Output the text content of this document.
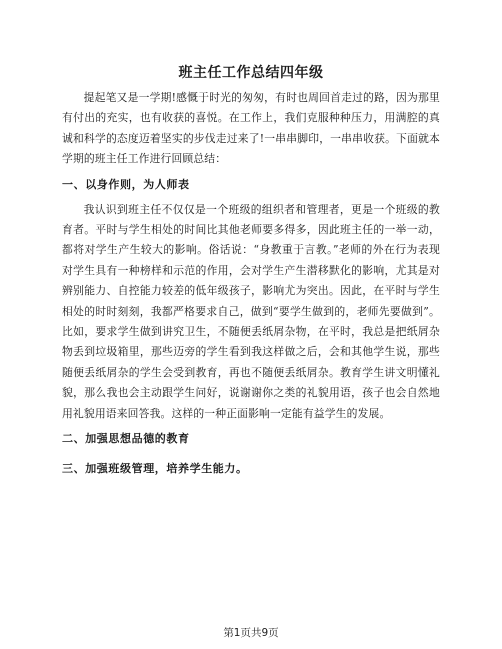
班主任工作总结四年级

提起笔又是一学期!感慨于时光的匆匆，有时也周回首走过的路，因为那里有付出的充实，也有收获的喜悦。在工作上，我们克服种种压力，用满腔的真诚和科学的态度迈着坚实的步伐走过来了!一串串脚印，一串串收获。下面就本学期的班主任工作进行回顾总结：

一、以身作则，为人师表

我认识到班主任不仅仅是一个班级的组织者和管理者，更是一个班级的教育者。平时与学生相处的时间比其他老师要多得多，因此班主任的一举一动，都将对学生产生较大的影响。俗话说：“身教重于言教。”老师的外在行为表现对学生具有一种榜样和示范的作用，会对学生产生潜移默化的影响，尤其是对辨别能力、自控能力较差的低年级孩子，影响尤为突出。因此，在平时与学生相处的时时刻刻，我都严格要求自己，做到“要学生做到的，老师先要做到”。比如，要求学生做到讲究卫生，不随便丢纸屑杂物，在平时，我总是把纸屑杂物丢到垃圾箱里，那些迈旁的学生看到我这样做之后，会和其他学生说，那些随便丢纸屑杂的学生会受到教育，再也不随便丢纸屑杂。教育学生讲文明懂礼貌，那么我也会主动跟学生问好，说谢谢你之类的礼貌用语，孩子也会自然地用礼貌用语来回答我。这样的一种正面影响一定能有益学生的发展。

二、加强思想品德的教育
三、加强班级管理，培养学生能力。
第1页共9页
